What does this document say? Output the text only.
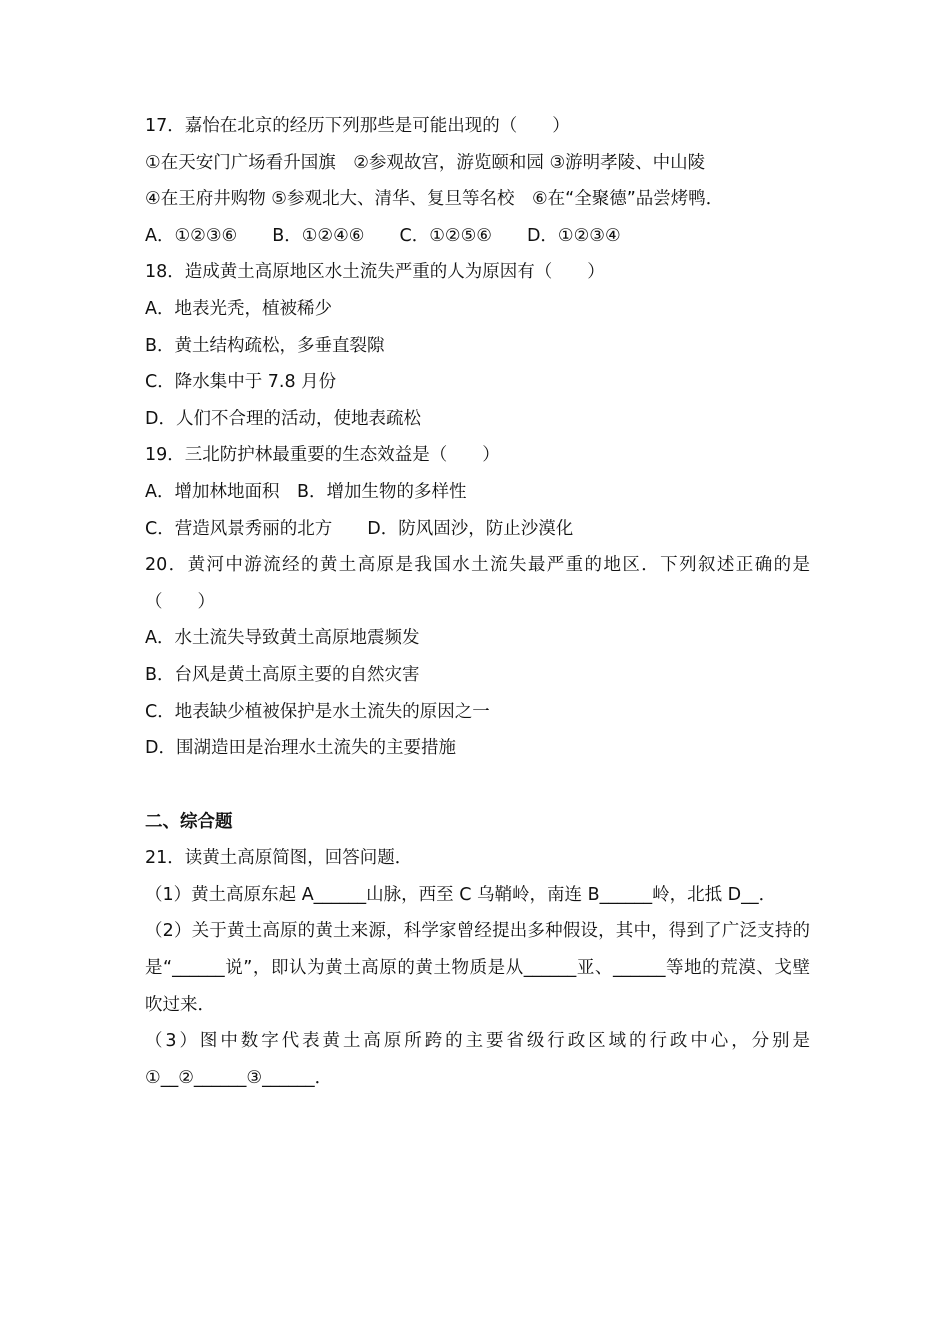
17．嘉怡在北京的经历下列那些是可能出现的（　　）
①在天安门广场看升国旗　②参观故宫，游览颐和园 ③游明孝陵、中山陵
④在王府井购物 ⑤参观北大、清华、复旦等名校　⑥在“全聚德”品尝烤鸭．
A．①②③⑥　　B．①②④⑥　　C．①②⑤⑥　　D．①②③④
18．造成黄土高原地区水土流失严重的人为原因有（　　）
A．地表光秃，植被稀少
B．黄土结构疏松，多垂直裂隙
C．降水集中于 7.8 月份
D．人们不合理的活动，使地表疏松
19．三北防护林最重要的生态效益是（　　）
A．增加林地面积　B．增加生物的多样性
C．营造风景秀丽的北方　　D．防风固沙，防止沙漠化
20．黄河中游流经的黄土高原是我国水土流失最严重的地区．下列叙述正确的是（　　）
A．水土流失导致黄土高原地震频发
B．台风是黄土高原主要的自然灾害
C．地表缺少植被保护是水土流失的原因之一
D．围湖造田是治理水土流失的主要措施
二、综合题
21．读黄土高原简图，回答问题．
（1）黄土高原东起 A______山脉，西至 C 乌鞘岭，南连 B______岭，北抵 D__．
（2）关于黄土高原的黄土来源，科学家曾经提出多种假设，其中，得到了广泛支持的是“______说”，即认为黄土高原的黄土物质是从______亚、______等地的荒漠、戈壁吹过来．
（3）图中数字代表黄土高原所跨的主要省级行政区域的行政中心，分别是①__②______③______．
